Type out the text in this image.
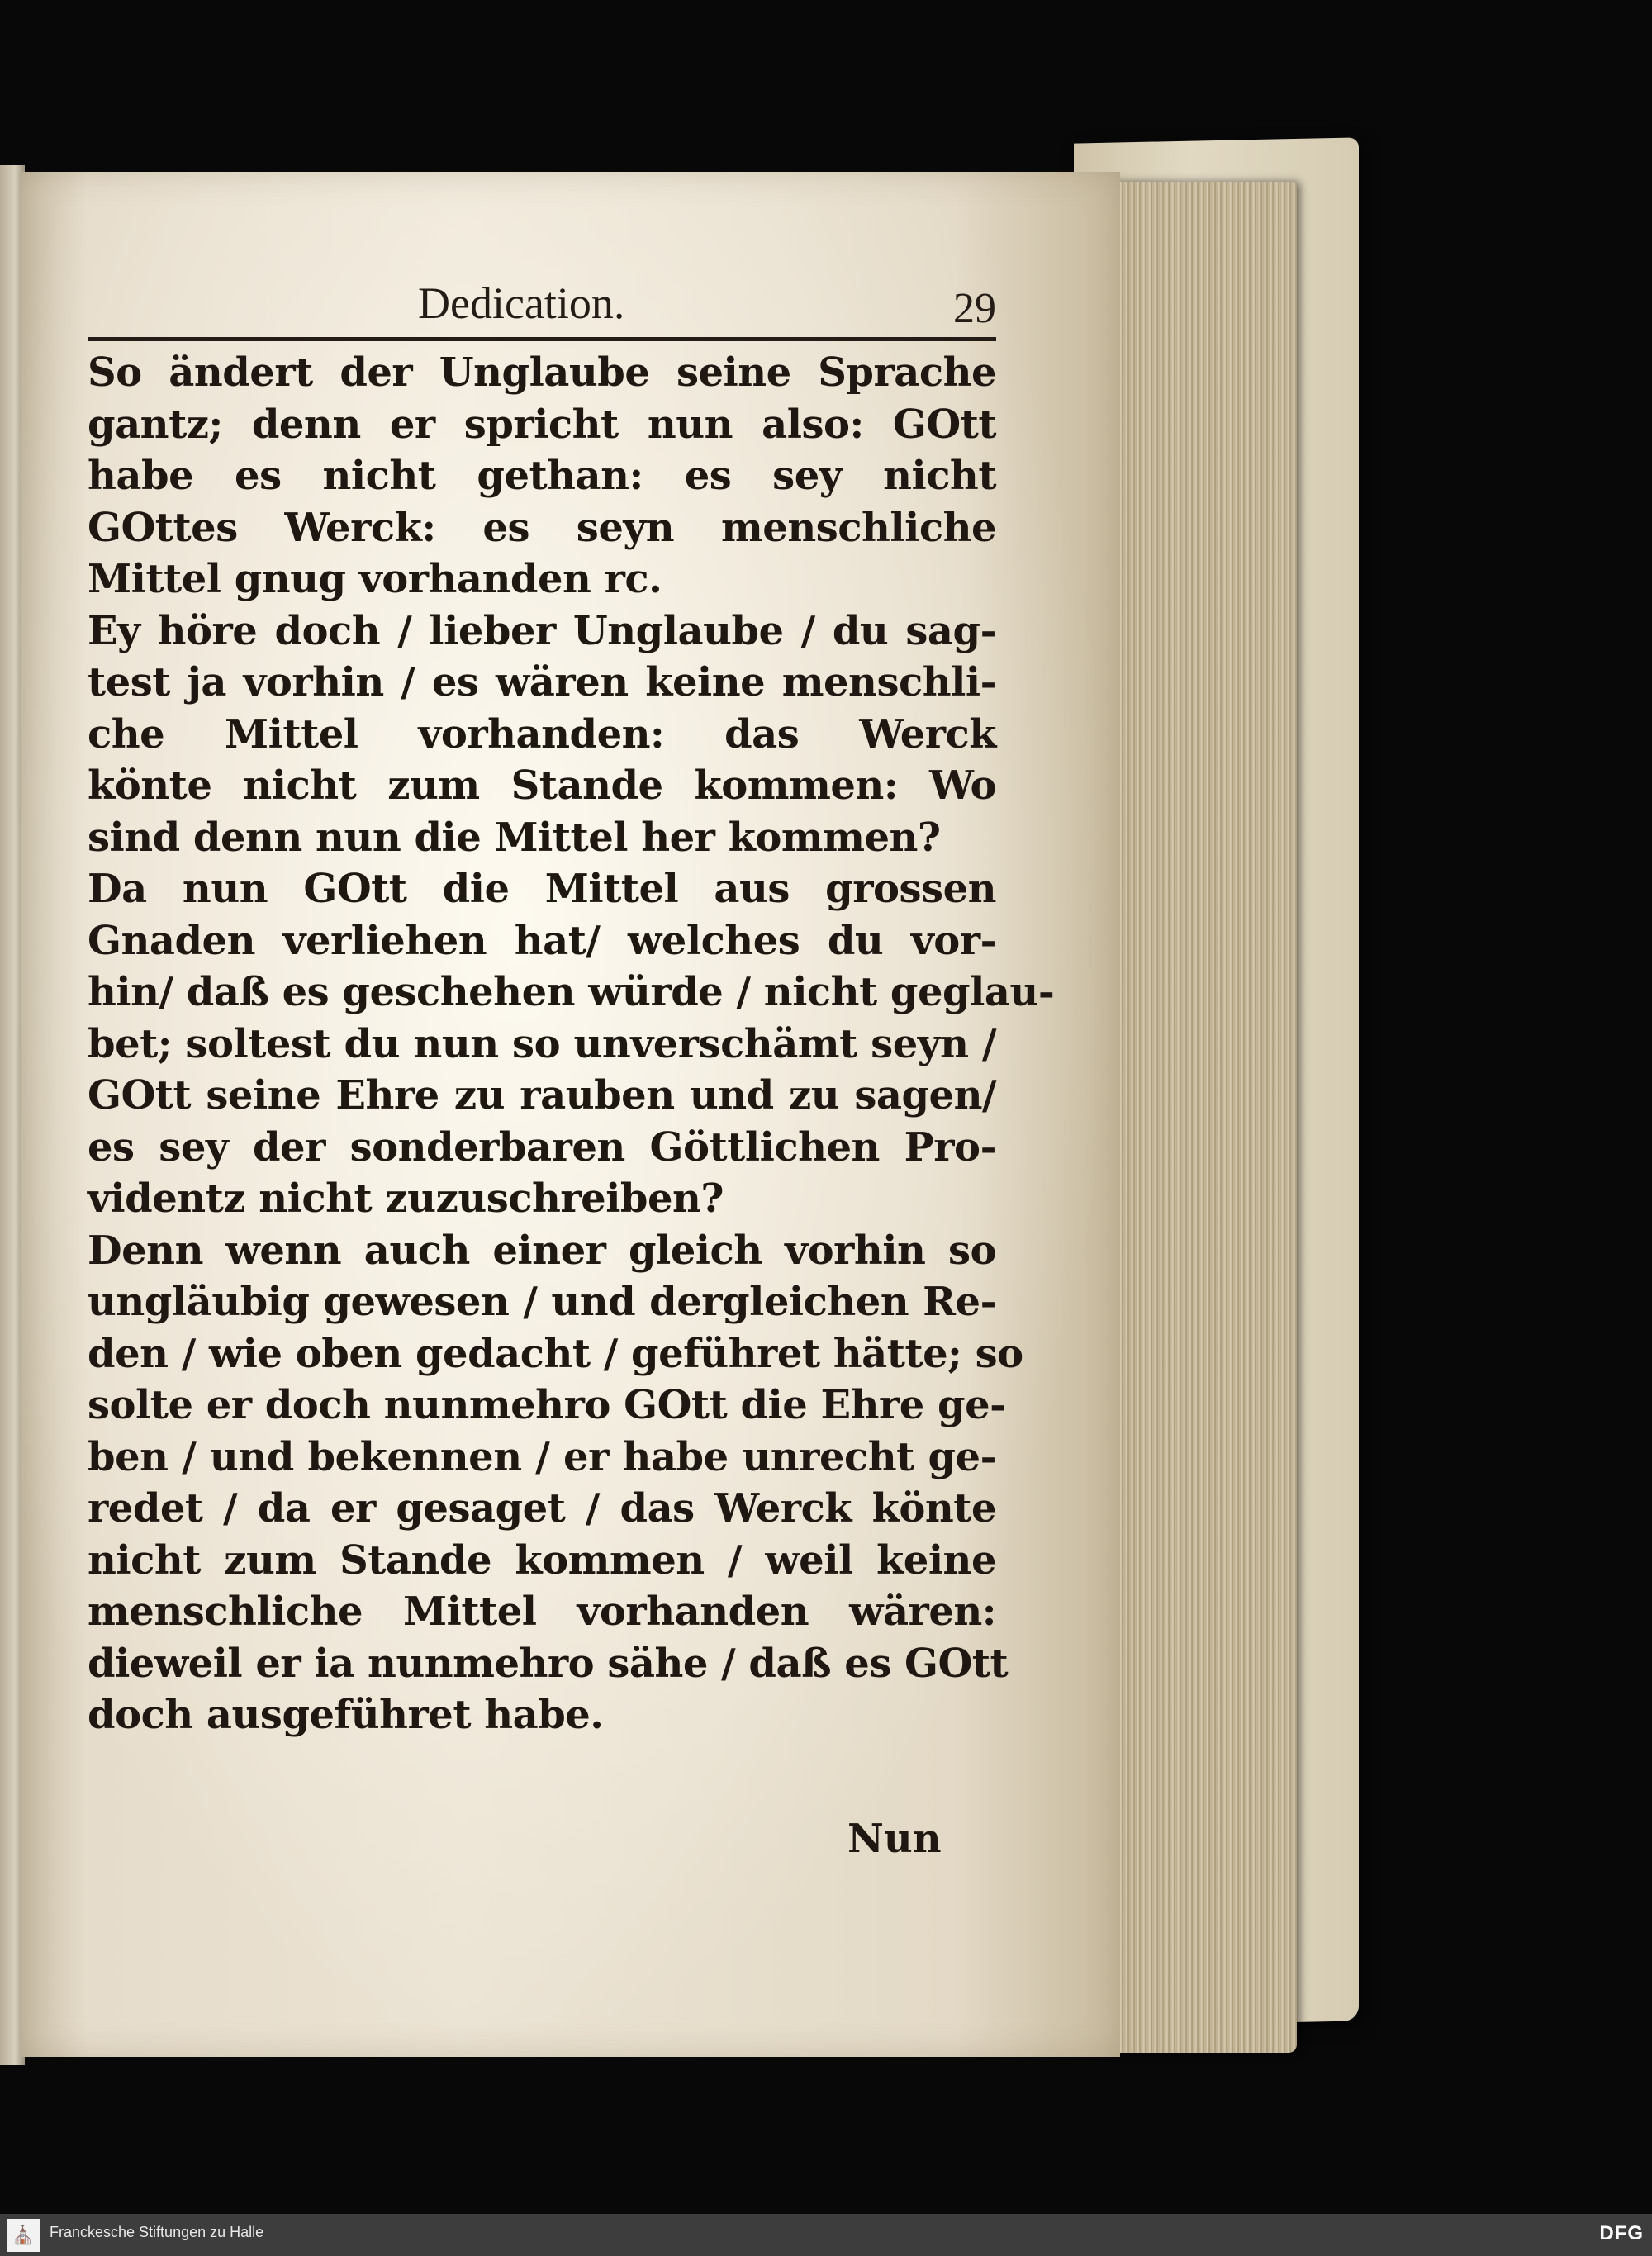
Dedication.	29
So ändert der Unglaube seine Sprache
gantz; denn er spricht nun also: GOtt
habe es nicht gethan: es sey nicht
GOttes Werck: es seyn menschliche
Mittel gnug vorhanden rc.
Ey höre doch / lieber Unglaube / du sag-
test ja vorhin / es wären keine menschli-
che Mittel vorhanden: das Werck
könte nicht zum Stande kommen: Wo
sind denn nun die Mittel her kommen?
Da nun GOtt die Mittel aus grossen
Gnaden verliehen hat/ welches du vor-
hin/ daß es geschehen würde / nicht geglau-
bet; soltest du nun so unverschämt seyn /
GOtt seine Ehre zu rauben und zu sagen/
es sey der sonderbaren Göttlichen Pro-
videntz nicht zuzuschreiben?
Denn wenn auch einer gleich vorhin so
ungläubig gewesen / und dergleichen Re-
den / wie oben gedacht / geführet hätte; so
solte er doch nunmehro GOtt die Ehre ge-
ben / und bekennen / er habe unrecht ge-
redet / da er gesaget / das Werck könte
nicht zum Stande kommen / weil keine
menschliche Mittel vorhanden wären:
dieweil er ia nunmehro sähe / daß es GOtt
doch ausgeführet habe.
Nun
⛪	Franckesche Stiftungen zu Halle	DFG
